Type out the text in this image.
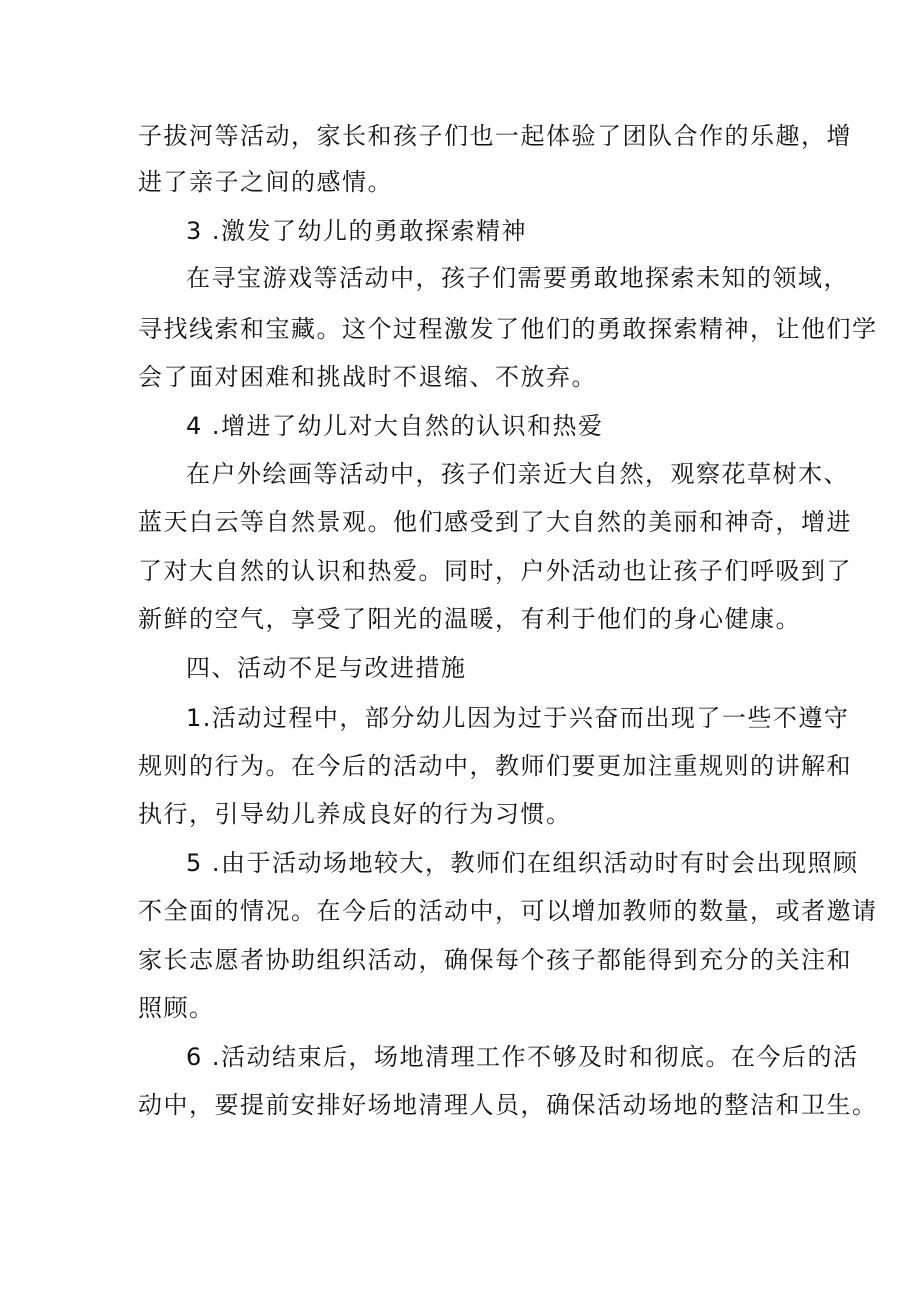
子拔河等活动，家长和孩子们也一起体验了团队合作的乐趣，增

进了亲子之间的感情。

3 .激发了幼儿的勇敢探索精神

在寻宝游戏等活动中，孩子们需要勇敢地探索未知的领域，

寻找线索和宝藏。这个过程激发了他们的勇敢探索精神，让他们学

会了面对困难和挑战时不退缩、不放弃。

4 .增进了幼儿对大自然的认识和热爱

在户外绘画等活动中，孩子们亲近大自然，观察花草树木、

蓝天白云等自然景观。他们感受到了大自然的美丽和神奇，增进

了对大自然的认识和热爱。同时，户外活动也让孩子们呼吸到了

新鲜的空气，享受了阳光的温暖，有利于他们的身心健康。

四、活动不足与改进措施

1.活动过程中，部分幼儿因为过于兴奋而出现了一些不遵守

规则的行为。在今后的活动中，教师们要更加注重规则的讲解和

执行，引导幼儿养成良好的行为习惯。

5 .由于活动场地较大，教师们在组织活动时有时会出现照顾

不全面的情况。在今后的活动中，可以增加教师的数量，或者邀请

家长志愿者协助组织活动，确保每个孩子都能得到充分的关注和

照顾。

6 .活动结束后，场地清理工作不够及时和彻底。在今后的活

动中，要提前安排好场地清理人员，确保活动场地的整洁和卫生。
